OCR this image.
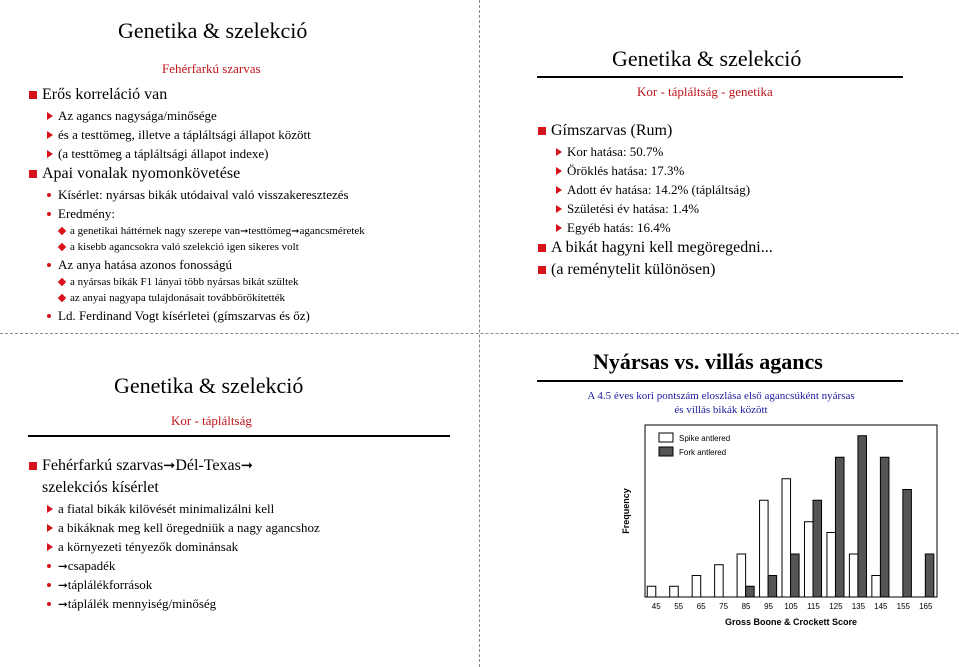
Genetika & szelekció
Fehérfarkú szarvas
Erős korreláció van
Az agancs nagysága/minősége
és a testtömeg, illetve a tápláltsági állapot között
(a testtömeg a tápláltsági állapot indexe)
Apai vonalak nyomonkövetése
Kísérlet: nyársas bikák utódaival való visszakeresztezés
Eredmény:
a genetikai háttérnek nagy szerepe van➞testtömeg➞agancsméretek
a kisebb agancsokra való szelekció igen sikeres volt
Az anya hatása azonos fonosságú
a nyársas bikák F1 lányai több nyársas bikát szültek
az anyai nagyapa tulajdonásait továbbörökítették
Ld. Ferdinand Vogt kísérletei (gímszarvas és őz)
Genetika & szelekció
Kor - tápláltság - genetika
Gímszarvas (Rum)
Kor hatása: 50.7%
Öröklés hatása: 17.3%
Adott év hatása: 14.2% (tápláltság)
Születési év hatása: 1.4%
Egyéb hatás: 16.4%
A bikát hagyni kell megöregedni...
(a reménytelit különösen)
Genetika & szelekció
Kor - tápláltság
Fehérfarkú szarvas➞Dél-Texas➞
szelekciós kísérlet
a fiatal bikák kilövését minimalizálni kell
a bikáknak meg kell öregedniük a nagy agancshoz
a környezeti tényezők dominánsak
➞csapadék
➞táplálékforrások
➞táplálék mennyiség/minőség
Nyársas vs. villás agancs
A 4.5 éves kori pontszám eloszlása első agancsúként nyársas
és villás bikák között
45 55 65 75 85 95 105 115 125 135 145 155 165
Spike antlered
Fork antlered
Frequency
Gross Boone & Crockett Score
